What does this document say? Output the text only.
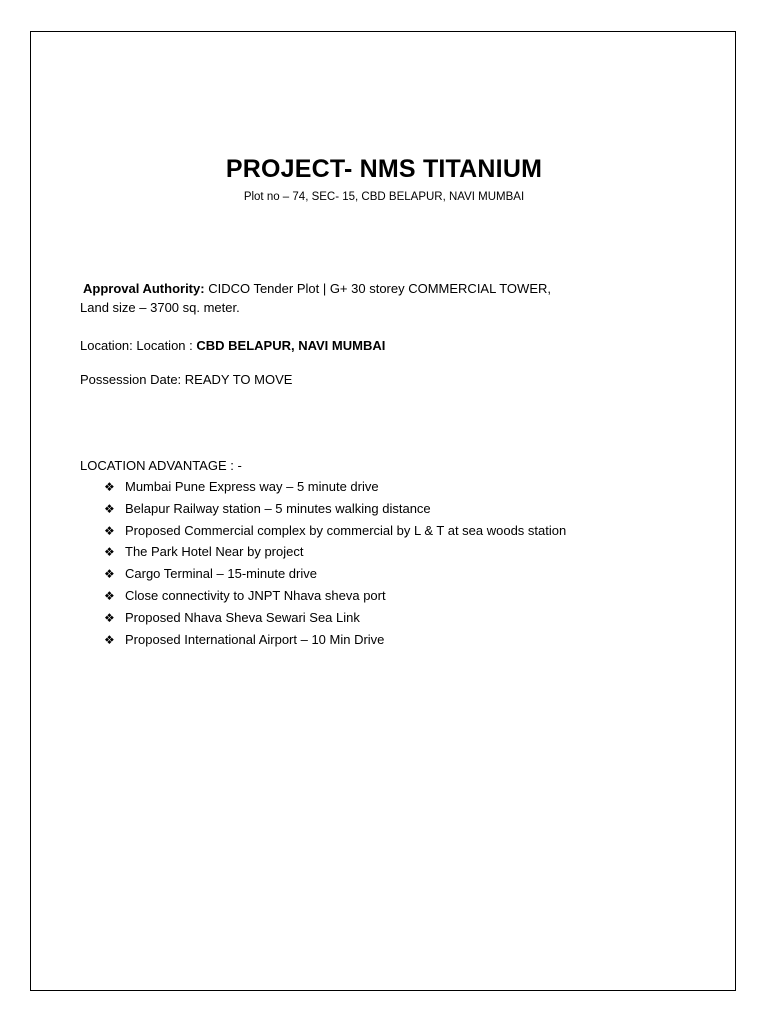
PROJECT- NMS TITANIUM
Plot no – 74, SEC- 15, CBD BELAPUR, NAVI MUMBAI
Approval Authority: CIDCO Tender Plot | G+ 30 storey COMMERCIAL TOWER,
Land size – 3700 sq. meter.
Location: Location : CBD BELAPUR, NAVI MUMBAI
Possession Date: READY TO MOVE
LOCATION ADVANTAGE : -
❖ Mumbai Pune Express way – 5 minute drive
❖ Belapur Railway station – 5 minutes walking distance
❖ Proposed Commercial complex by commercial by L & T at sea woods station
❖ The Park Hotel Near by project
❖ Cargo Terminal – 15-minute drive
❖ Close connectivity to JNPT Nhava sheva port
❖ Proposed Nhava Sheva Sewari Sea Link
❖ Proposed International Airport – 10 Min Drive
